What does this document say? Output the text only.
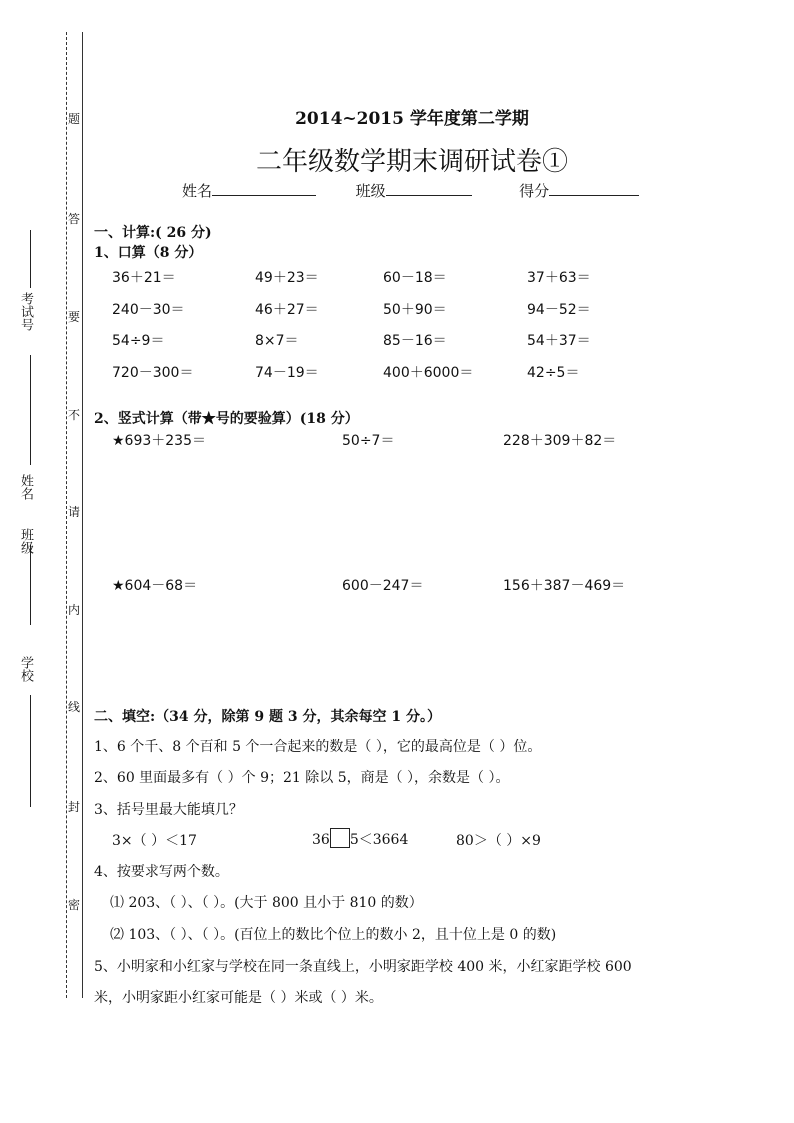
题
答
要
不
请
内
线
封
密
考试号
姓名
班级
学校
2014~2015 学年度第二学期
二年级数学期末调研试卷①
姓名	班级	得分
一、计算:( 26 分)
1、口算（8 分）
36＋21＝	49＋23＝	60－18＝	37＋63＝
240－30＝	46＋27＝	50＋90＝	94－52＝
54÷9＝	8×7＝	85－16＝	54＋37＝
720－300＝	74－19＝	400＋6000＝	42÷5＝
2、竖式计算（带★号的要验算）(18 分）
★693＋235＝	50÷7＝	228＋309＋82＝
★604－68＝	600－247＝	156＋387－469＝
二、填空:（34 分，除第 9 题 3 分，其余每空 1 分。）
1、6 个千、8 个百和 5 个一合起来的数是（ ），它的最高位是（ ）位。
2、60 里面最多有（ ）个 9；21 除以 5，商是（ ），余数是（ ）。
3、括号里最大能填几？
3×（ ）＜17	36 5＜3664	80＞（ ）×9
4、按要求写两个数。
⑴ 203、（ ）、（ ）。(大于 800 且小于 810 的数）
⑵ 103、（ ）、（ ）。(百位上的数比个位上的数小 2，且十位上是 0 的数)
5、小明家和小红家与学校在同一条直线上，小明家距学校 400 米，小红家距学校 600
米，小明家距小红家可能是（ ）米或（ ）米。
